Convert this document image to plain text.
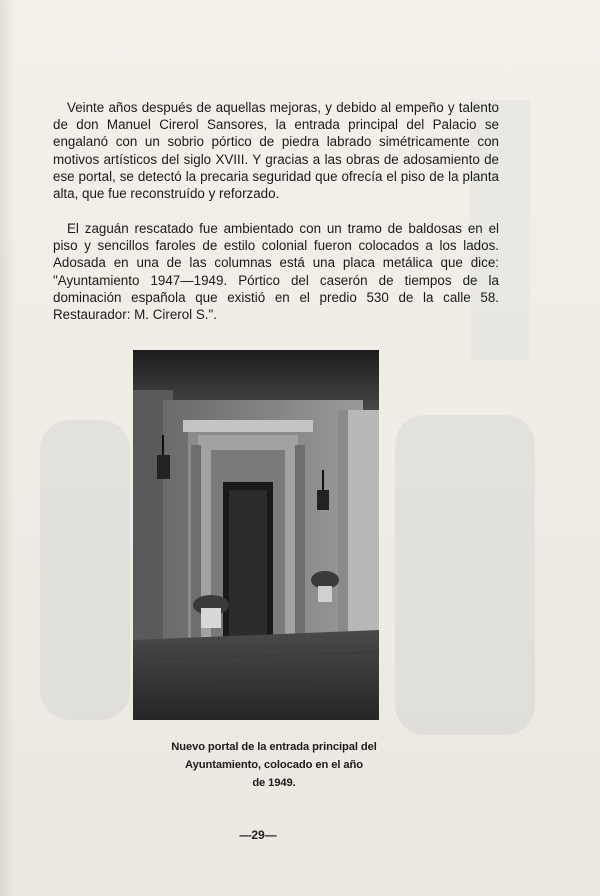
Veinte años después de aquellas mejoras, y debido al empeño y talento de don Manuel Cirerol Sansores, la entrada principal del Palacio se engalanó con un sobrio pórtico de piedra labrado simétricamente con motivos artísticos del siglo XVIII. Y gracias a las obras de adosamiento de ese portal, se detectó la precaria seguridad que ofrecía el piso de la planta alta, que fue reconstruído y reforzado.

El zaguán rescatado fue ambientado con un tramo de baldosas en el piso y sencillos faroles de estilo colonial fueron colocados a los lados. Adosada en una de las columnas está una placa metálica que dice: "Ayuntamiento 1947—1949. Pórtico del caserón de tiempos de la dominación española que existió en el predio 530 de la calle 58. Restaurador: M. Cirerol S.".

Nuevo portal de la entrada principal del
Ayuntamiento, colocado en el año
de 1949.

—29—
